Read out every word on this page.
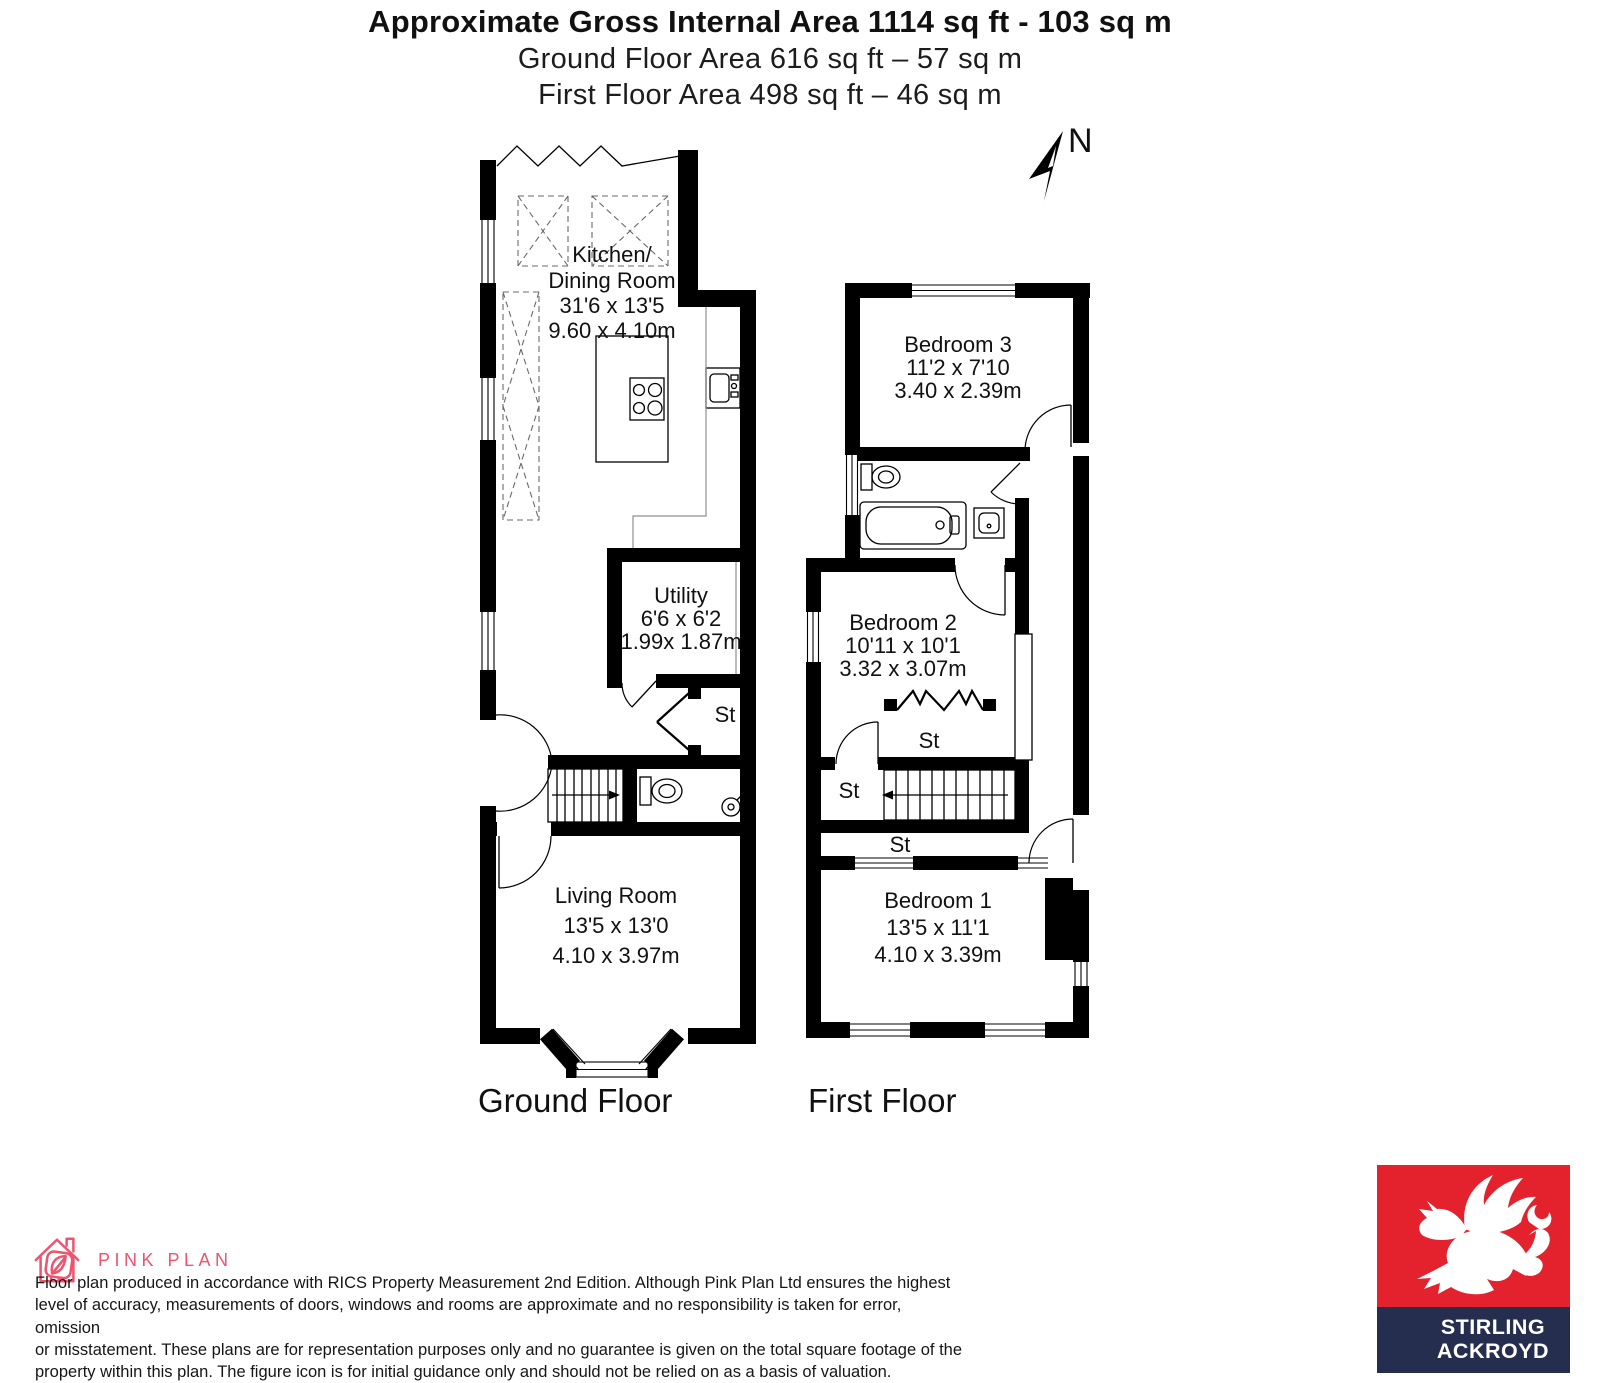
Approximate Gross Internal Area 1114 sq ft - 103 sq m
Ground Floor Area 616 sq ft – 57 sq m
First Floor Area 498 sq ft – 46 sq m
Kitchen/
Dining Room
31'6 x 13'5
9.60 x 4.10m
Utility
6'6 x 6'2
1.99x 1.87m
St
Living Room
13'5 x 13'0
4.10 x 3.97m
Ground Floor
Bedroom 3
11'2 x 7'10
3.40 x 2.39m
Bedroom 2
10'11 x 10'1
3.32 x 3.07m
St
St
St
Bedroom 1
13'5 x 11'1
4.10 x 3.39m
First Floor
N
PINK PLAN
Floor plan produced in accordance with RICS Property Measurement 2nd Edition. Although Pink Plan Ltd ensures the highest
level of accuracy, measurements of doors, windows and rooms are approximate and no responsibility is taken for error, omission
or misstatement. These plans are for representation purposes only and no guarantee is given on the total square footage of the
property within this plan. The figure icon is for initial guidance only and should not be relied on as a basis of valuation.
STIRLING
ACKROYD
